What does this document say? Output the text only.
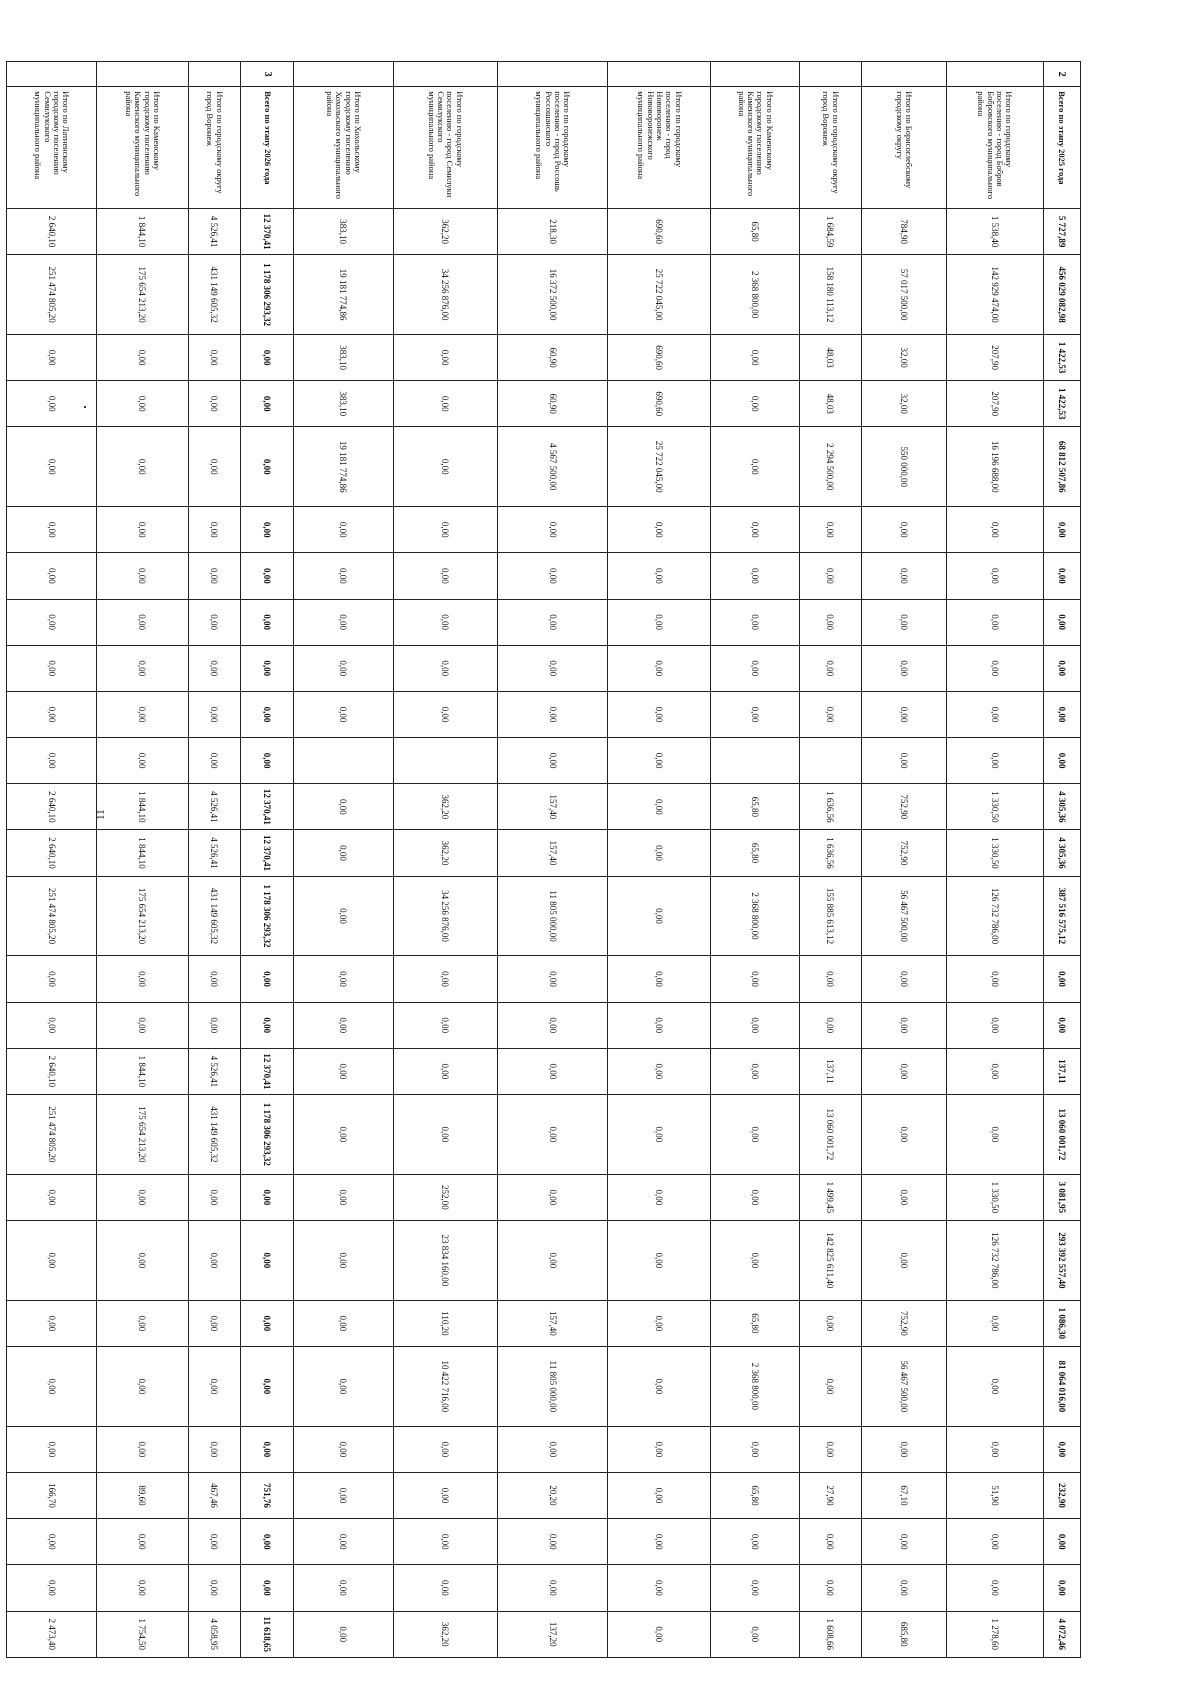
11
2	Всего по этапу 2025 года	5 727,89	456 029 082,98	1 422,53	1 422,53	68 812 507,86	0,00	0,00	0,00	0,00	0,00	0,00	4 305,36	4 305,36	387 516 575,12	0,00	0,00	137,11	13 060 001,72	3 081,95	293 392 557,40	1 086,30	81 064 016,00	0,00	232,90	0,00	0,00	4 072,46
	Итого по городскому поселению - город Бобров Бобровского муниципального района	1 538,40	142 929 474,00	207,90	207,90	16 196 688,00	0,00	0,00	0,00	0,00	0,00	0,00	1 330,50	1 330,50	126 732 786,00	0,00	0,00	0,00	0,00	1 330,50	126 732 786,00	0,00	0,00	0,00	51,90	0,00	0,00	1 278,60
	Итого по Борисоглебскому городскому округу	784,90	57 017 500,00	32,00	32,00	550 000,00	0,00	0,00	0,00	0,00	0,00	0,00	752,90	752,90	56 467 500,00	0,00	0,00	0,00	0,00	0,00	0,00	752,90	56 467 500,00	0,00	67,10	0,00	0,00	685,80
	Итого по городскому округу город Воронеж	1 684,59	158 180 113,12	48,03	48,03	2 294 500,00	0,00	0,00	0,00	0,00	0,00		1 636,56	1 636,56	155 885 613,12	0,00	0,00	137,11	13 060 001,72	1 499,45	142 825 611,40	0,00	0,00	0,00	27,90	0,00	0,00	1 608,66
	Итого по Каменскому городскому поселению Каменского муниципального района	65,80	2 368 800,00	0,00	0,00	0,00	0,00	0,00	0,00	0,00	0,00		65,80	65,80	2 368 800,00	0,00	0,00	0,00	0,00	0,00	0,00	65,80	2 368 800,00	0,00	65,80	0,00	0,00	0,00
	Итого по городскому поселению - город Нововоронеж Нововоронежского муниципального района	690,60	25 722 045,00	690,60	690,60	25 722 045,00	0,00	0,00	0,00	0,00	0,00	0,00	0,00	0,00	0,00	0,00	0,00	0,00	0,00	0,00	0,00	0,00	0,00	0,00	0,00	0,00	0,00	0,00
	Итого по городскому поселению - город Россошь Россошанского муниципального района	218,30	16 372 500,00	60,90	60,90	4 567 500,00	0,00	0,00	0,00	0,00	0,00	0,00	157,40	157,40	11 805 000,00	0,00	0,00	0,00	0,00	0,00	0,00	157,40	11 805 000,00	0,00	20,20	0,00	0,00	137,20
	Итого по городскому поселению - город Семилуки Семилукского муниципального района	362,20	34 256 876,00	0,00	0,00	0,00	0,00	0,00	0,00	0,00	0,00		362,20	362,20	34 256 876,00	0,00	0,00	0,00	0,00	252,00	23 834 160,00	110,20	10 422 716,00	0,00	0,00	0,00	0,00	362,20
	Итого по Хохольскому городскому поселению Хохольского муниципального района	383,10	19 181 774,86	383,10	383,10	19 181 774,86	0,00	0,00	0,00	0,00	0,00		0,00	0,00	0,00	0,00	0,00	0,00	0,00	0,00	0,00	0,00	0,00	0,00	0,00	0,00	0,00	0,00
3	Всего по этапу 2026 года	12 370,41	1 178 306 293,32	0,00	0,00	0,00	0,00	0,00	0,00	0,00	0,00	0,00	12 370,41	12 370,41	1 178 306 293,32	0,00	0,00	12 370,41	1 178 306 293,32	0,00	0,00	0,00	0,00	0,00	751,76	0,00	0,00	11 618,65
	Итого по городскому округу город Воронеж	4 526,41	431 149 605,32	0,00	0,00	0,00	0,00	0,00	0,00	0,00	0,00	0,00	4 526,41	4 526,41	431 149 605,32	0,00	0,00	4 526,41	431 149 605,32	0,00	0,00	0,00	0,00	0,00	467,46	0,00	0,00	4 058,95
	Итого по Каменскому городскому поселению Каменского муниципального района	1 844,10	175 654 213,20	0,00	0,00	0,00	0,00	0,00	0,00	0,00	0,00	0,00	1 844,10	1 844,10	175 654 213,20	0,00	0,00	1 844,10	175 654 213,20	0,00	0,00	0,00	0,00	0,00	89,60	0,00	0,00	1 754,50
	Итого по Латненскому городскому поселению Семилукского муниципального района	2 640,10	251 474 805,20	0,00	0,00	0,00	0,00	0,00	0,00	0,00	0,00	0,00	2 640,10	2 640,10	251 474 805,20	0,00	0,00	2 640,10	251 474 805,20	0,00	0,00	0,00	0,00	0,00	166,70	0,00	0,00	2 473,40
